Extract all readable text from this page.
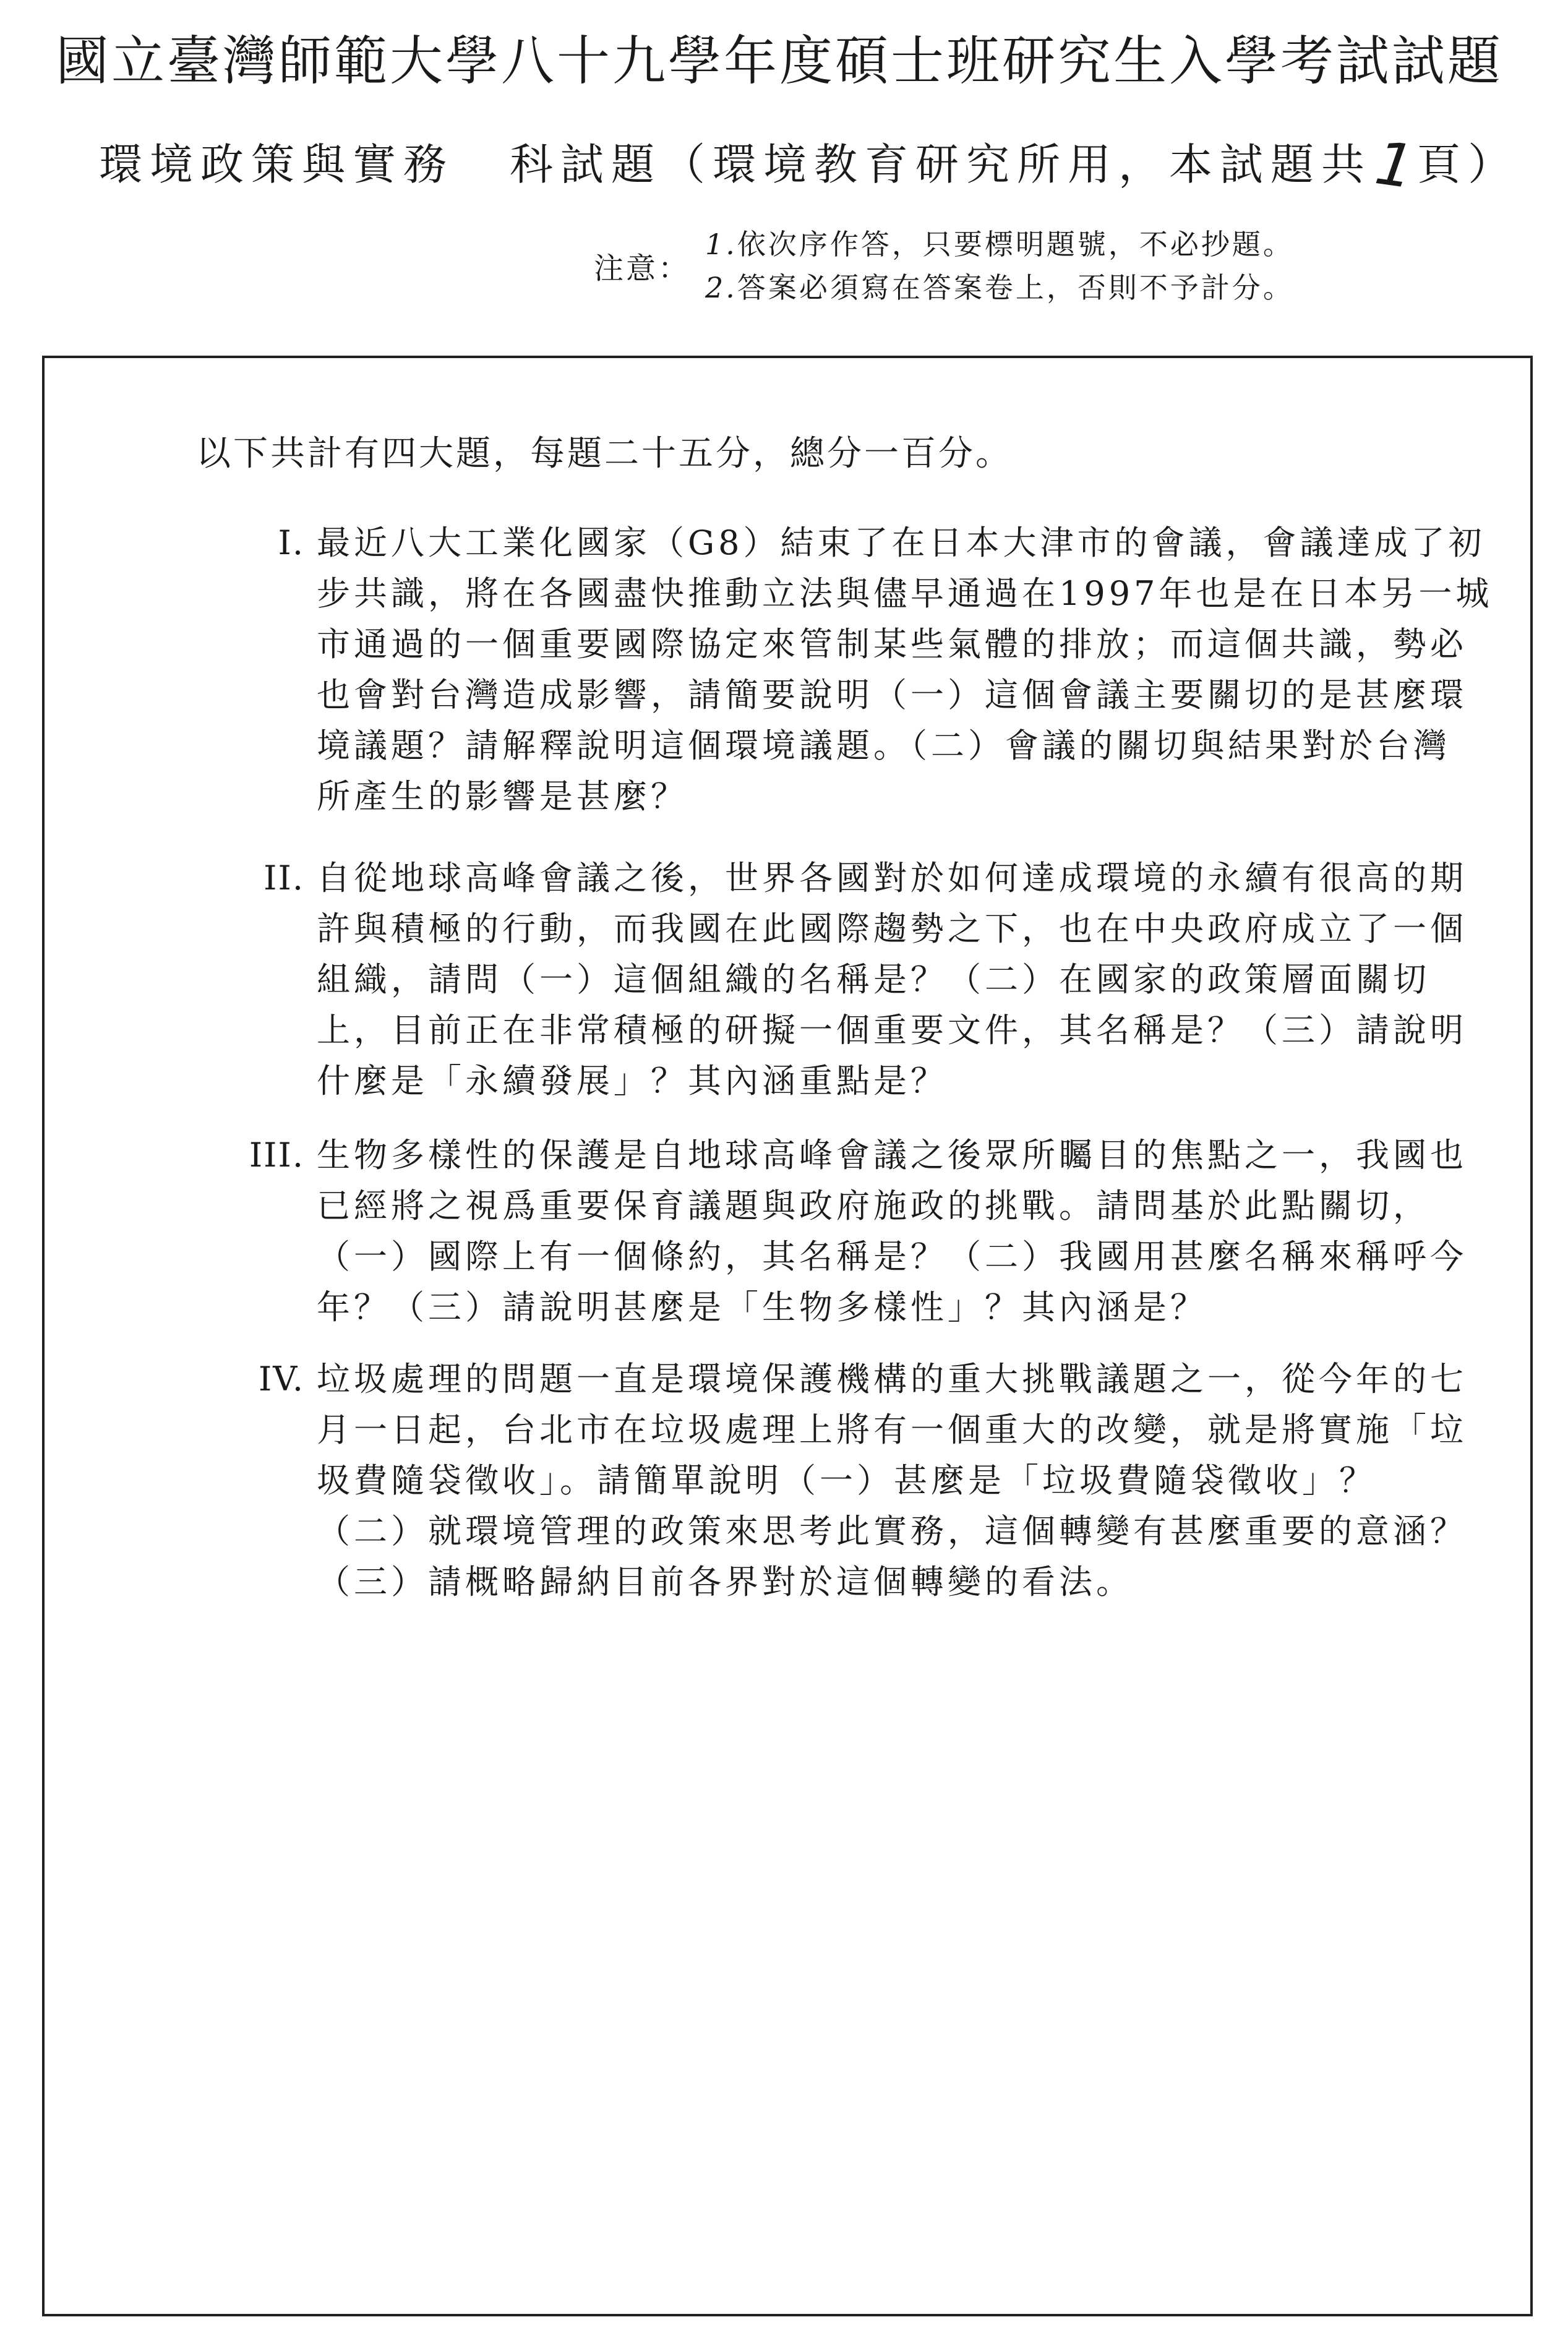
國立臺灣師範大學八十九學年度碩士班研究生入學考試試題
環境政策與實務 科試題（環境教育研究所用，本試題共1頁）
注意：
1.依次序作答，只要標明題號，不必抄題。
2.答案必須寫在答案卷上，否則不予計分。
以下共計有四大題，每題二十五分，總分一百分。
I. 最近八大工業化國家（G8）結束了在日本大津市的會議，會議達成了初
步共識，將在各國盡快推動立法與儘早通過在1997年也是在日本另一城
市通過的一個重要國際協定來管制某些氣體的排放；而這個共識，勢必
也會對台灣造成影響，請簡要說明（一）這個會議主要關切的是甚麼環
境議題？請解釋說明這個環境議題。（二）會議的關切與結果對於台灣
所產生的影響是甚麼？
II. 自從地球高峰會議之後，世界各國對於如何達成環境的永續有很高的期
許與積極的行動，而我國在此國際趨勢之下，也在中央政府成立了一個
組織，請問（一）這個組織的名稱是？（二）在國家的政策層面關切
上，目前正在非常積極的研擬一個重要文件，其名稱是？（三）請說明
什麼是「永續發展」？其內涵重點是？
III. 生物多樣性的保護是自地球高峰會議之後眾所矚目的焦點之一，我國也
已經將之視爲重要保育議題與政府施政的挑戰。請問基於此點關切，
（一）國際上有一個條約，其名稱是？（二）我國用甚麼名稱來稱呼今
年？（三）請說明甚麼是「生物多樣性」？其內涵是？
IV. 垃圾處理的問題一直是環境保護機構的重大挑戰議題之一，從今年的七
月一日起，台北市在垃圾處理上將有一個重大的改變，就是將實施「垃
圾費隨袋徵收」。請簡單說明（一）甚麼是「垃圾費隨袋徵收」？
（二）就環境管理的政策來思考此實務，這個轉變有甚麼重要的意涵？
（三）請概略歸納目前各界對於這個轉變的看法。
